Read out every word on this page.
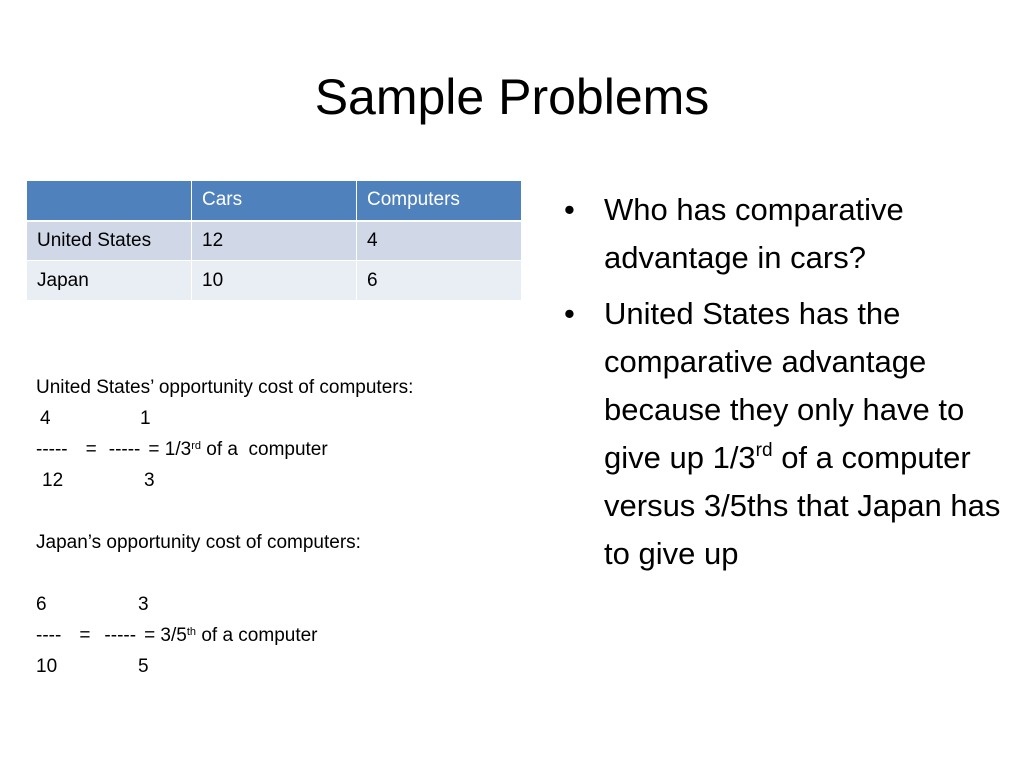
Sample Problems
	Cars	Computers
United States	12	4
Japan	10	6
United States’ opportunity cost of computers:
4	1
----- = ----- = 1/3rd of a  computer
12	3
Japan’s opportunity cost of computers:
6	3
---- = ----- = 3/5th of a computer
10	5
• Who has comparative advantage in cars?
• United States has the comparative advantage because they only have to give up 1/3rd of a computer versus 3/5ths that Japan has to give up
